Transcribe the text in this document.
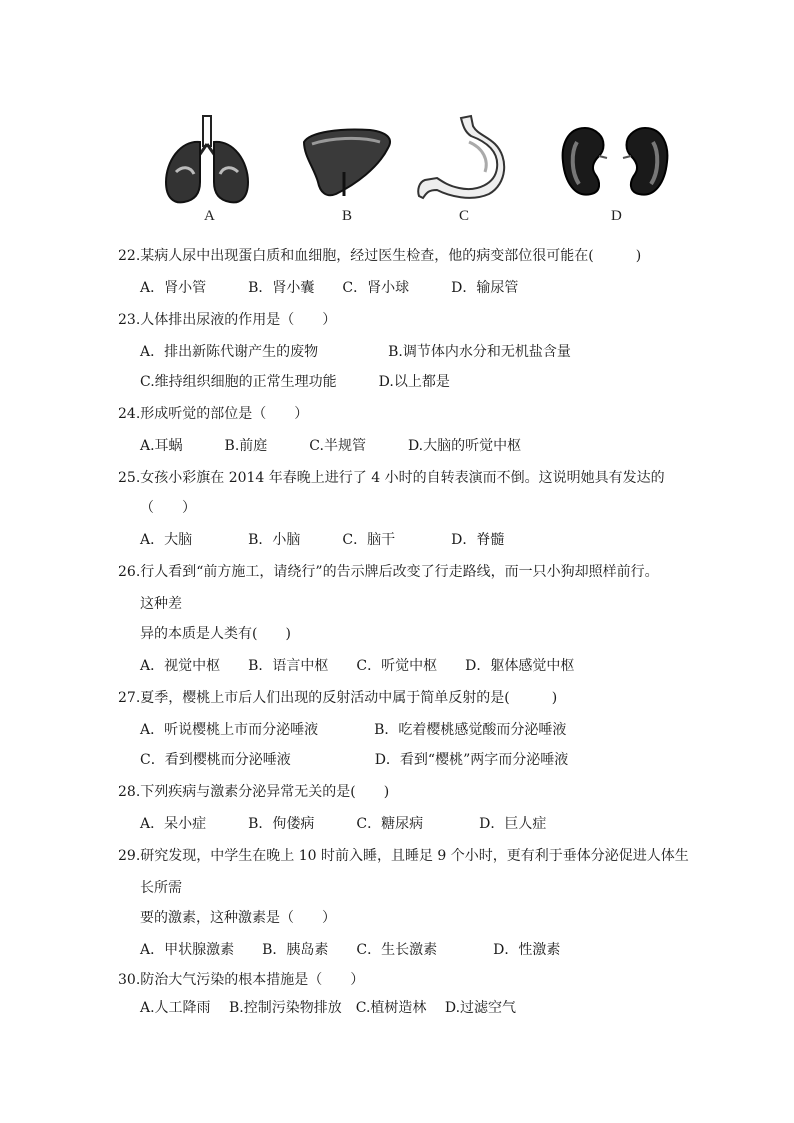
A	B	C	D
22.某病人尿中出现蛋白质和血细胞，经过医生检查，他的病变部位很可能在(　　　)
A．肾小管　　　B．肾小囊　　C．肾小球　　　D．输尿管
23.人体排出尿液的作用是（　　）
A．排出新陈代谢产生的废物　　　　　B.调节体内水分和无机盐含量
C.维持组织细胞的正常生理功能　　　D.以上都是
24.形成听觉的部位是（　　）
A.耳蜗　　　B.前庭　　　C.半规管　　　D.大脑的听觉中枢
25.女孩小彩旗在 2014 年春晚上进行了 4 小时的自转表演而不倒。这说明她具有发达的
（　　）
A．大脑　　　　B．小脑　　　C．脑干　　　　D．脊髓
26.行人看到“前方施工，请绕行”的告示牌后改变了行走路线，而一只小狗却照样前行。
这种差
异的本质是人类有(　　)
A．视觉中枢　　B．语言中枢　　C．听觉中枢　　D．躯体感觉中枢
27.夏季，樱桃上市后人们出现的反射活动中属于简单反射的是(　　　)
A．听说樱桃上市而分泌唾液　　　　B．吃着樱桃感觉酸而分泌唾液
C．看到樱桃而分泌唾液　　　　　　D．看到“樱桃”两字而分泌唾液
28.下列疾病与激素分泌异常无关的是(　　)
A．呆小症　　　B．佝偻病　　　C．糖尿病　　　　D．巨人症
29.研究发现，中学生在晚上 10 时前入睡，且睡足 9 个小时，更有利于垂体分泌促进人体生
长所需
要的激素，这种激素是（　　）
A．甲状腺激素　　B．胰岛素　　C．生长激素　　　　D．性激素
30.防治大气污染的根本措施是（　　）
A.人工降雨　 B.控制污染物排放　C.植树造林　 D.过滤空气
